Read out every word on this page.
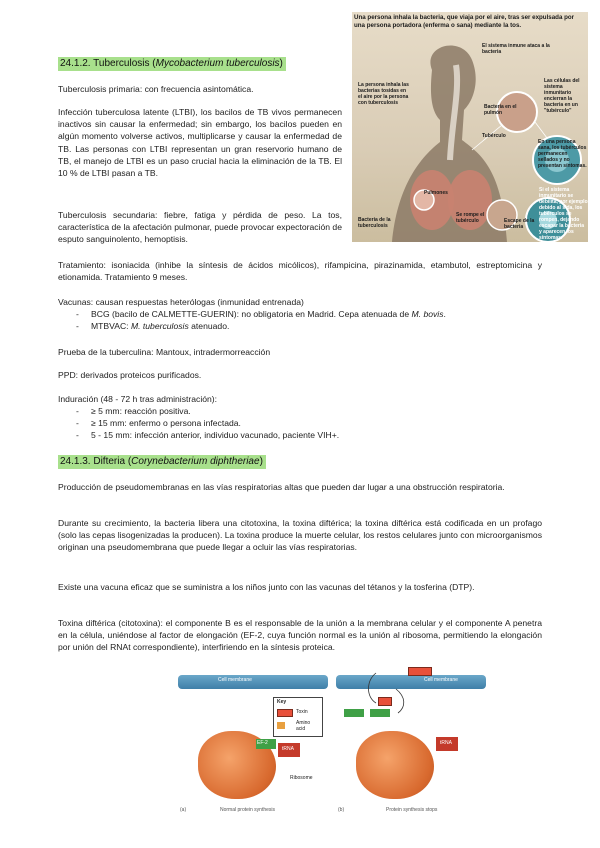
24.1.2. Tuberculosis (Mycobacterium tuberculosis)

Tuberculosis primaria: con frecuencia asintomática.

Infección tuberculosa latente (LTBI), los bacilos de TB vivos permanecen inactivos sin causar la enfermedad; sin embargo, los bacilos pueden en algún momento volverse activos, multiplicarse y causar la enfermedad de TB. Las personas con LTBI representan un gran reservorio humano de TB, el manejo de LTBI es un paso crucial hacia la eliminación de la TB. El 10 % de LTBI pasan a TB.

Tuberculosis secundaria: fiebre, fatiga y pérdida de peso. La tos, característica de la afectación pulmonar, puede provocar expectoración de esputo sanguinolento, hemoptisis.

Una persona inhala la bacteria, que viaja por el aire, tras ser expulsada por una persona portadora (enferma o sana) mediante la tos.
El sistema inmune ataca a la bacteria
La persona inhala las bacterias tosidas en el aire por la persona con tuberculosis
Bacteria en el pulmón
Las células del sistema inmunitario encierran la bacteria en un "tubérculo"
Tubérculo
En una persona sana, los tubérculos permanecen sellados y no presentan síntomas.
Si el sistema inmunitario se debilita, por ejemplo debido al sida, los tubérculos se rompen, dejando escapar la bacteria y aparecen los síntomas.
Pulmones
Se rompe el tubérculo	Escape de la bacteria
Bacteria de la tuberculosis

Tratamiento: isoniacida (inhibe la síntesis de ácidos micólicos), rifampicina, pirazinamida, etambutol, estreptomicina y etionamida. Tratamiento 9 meses.

Vacunas: causan respuestas heterólogas (inmunidad entrenada)

- BCG (bacilo de CALMETTE-GUERIN): no obligatoria en Madrid. Cepa atenuada de M. bovis.
- MTBVAC: M. tuberculosis atenuado.

Prueba de la tuberculina: Mantoux, intradermorreacción

PPD: derivados proteicos purificados.

Induración (48 - 72 h tras administración):

- ≥ 5 mm: reacción positiva.
- ≥ 15 mm: enfermo o persona infectada.
- 5 - 15 mm: infección anterior, individuo vacunado, paciente VIH+.
24.1.3. Difteria (Corynebacterium diphtheriae)

Producción de pseudomembranas en las vías respiratorias altas que pueden dar lugar a una obstrucción respiratoria.

Durante su crecimiento, la bacteria libera una citotoxina, la toxina diftérica; la toxina diftérica está codificada en un profago (solo las cepas lisogenizadas la producen). La toxina produce la muerte celular, los restos celulares junto con microorganismos originan una pseudomembrana que puede llegar a ocluir las vías respiratorias.

Existe una vacuna eficaz que se suministra a los niños junto con las vacunas del tétanos y la tosferina (DTP).

Toxina diftérica (citotoxina): el componente B es el responsable de la unión a la membrana celular y el componente A penetra en la célula, uniéndose al factor de elongación (EF-2, cuya función normal es la unión al ribosoma, permitiendo la elongación por unión del RNAt correspondiente), interfiriendo en la síntesis proteica.

Cell membrane
Key
Toxin
Amino acid
EF-2
tRNA
Ribosome
(a)	Normal protein synthesis
Cell membrane
tRNA
(b)	Protein synthesis stops
